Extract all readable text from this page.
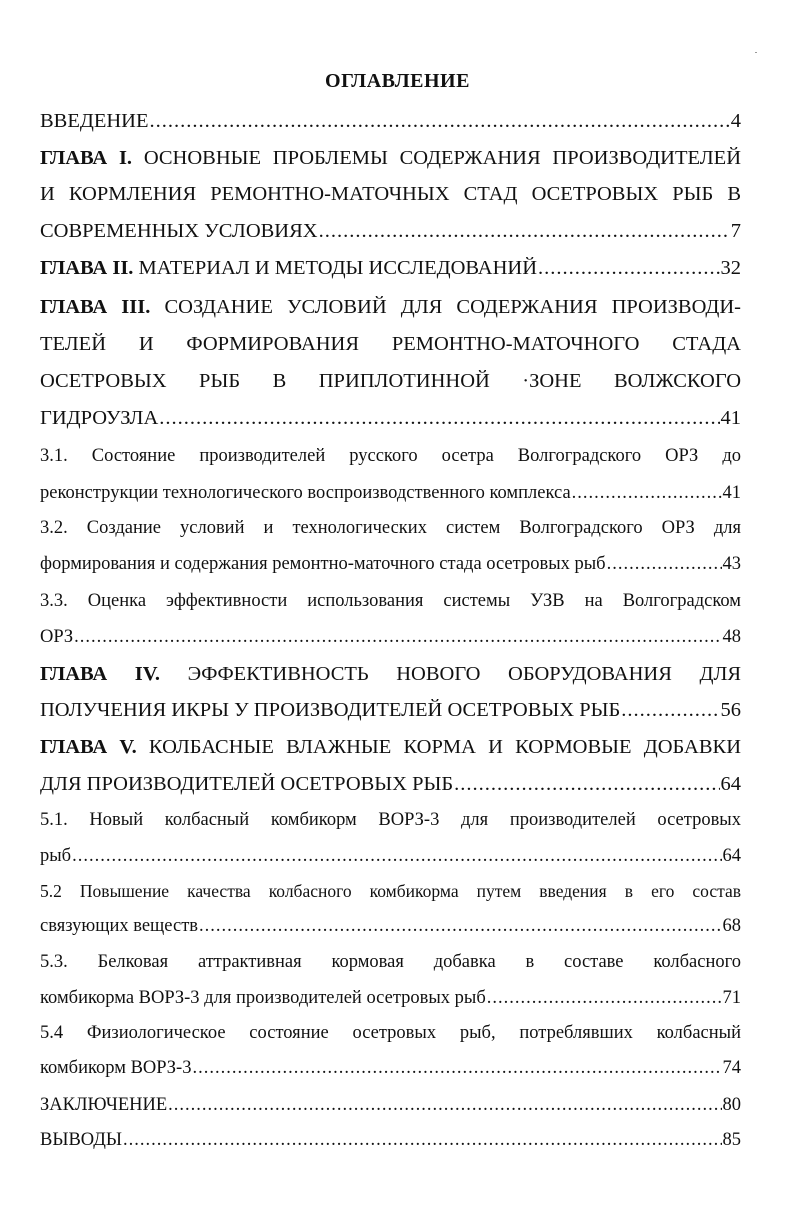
ОГЛАВЛЕНИЕ
ВВЕДЕНИЕ .....	4
ГЛАВА I. ОСНОВНЫЕ ПРОБЛЕМЫ СОДЕРЖАНИЯ ПРОИЗВОДИТЕЛЕЙ
И КОРМЛЕНИЯ РЕМОНТНО-МАТОЧНЫХ СТАД ОСЕТРОВЫХ РЫБ В
СОВРЕМЕННЫХ УСЛОВИЯХ .....	7
ГЛАВА II. МАТЕРИАЛ И МЕТОДЫ ИССЛЕДОВАНИЙ .....	32
ГЛАВА III. СОЗДАНИЕ УСЛОВИЙ ДЛЯ СОДЕРЖАНИЯ ПРОИЗВОДИ-
ТЕЛЕЙ И ФОРМИРОВАНИЯ РЕМОНТНО-МАТОЧНОГО СТАДА
ОСЕТРОВЫХ РЫБ В ПРИПЛОТИННОЙ ·ЗОНЕ ВОЛЖСКОГО
ГИДРОУЗЛА .....	41
3.1. Состояние производителей русского осетра Волгоградского ОРЗ до
реконструкции технологического воспроизводственного комплекса .....	41
3.2. Создание условий и технологических систем Волгоградского ОРЗ для
формирования и содержания ремонтно-маточного стада осетровых рыб .....	43
3.3. Оценка эффективности использования системы УЗВ на Волгоградском
ОРЗ .....	48
ГЛАВА IV. ЭФФЕКТИВНОСТЬ НОВОГО ОБОРУДОВАНИЯ ДЛЯ
ПОЛУЧЕНИЯ ИКРЫ У ПРОИЗВОДИТЕЛЕЙ ОСЕТРОВЫХ РЫБ .....	56
ГЛАВА V. КОЛБАСНЫЕ ВЛАЖНЫЕ КОРМА И КОРМОВЫЕ ДОБАВКИ
ДЛЯ ПРОИЗВОДИТЕЛЕЙ ОСЕТРОВЫХ РЫБ .....	64
5.1. Новый колбасный комбикорм ВОРЗ-3 для производителей осетровых
рыб .....	64
5.2 Повышение качества колбасного комбикорма путем введения в его состав
связующих веществ .....	68
5.3. Белковая аттрактивная кормовая добавка в составе колбасного
комбикорма ВОРЗ-3 для производителей осетровых рыб .....	71
5.4 Физиологическое состояние осетровых рыб, потреблявших колбасный
комбикорм ВОРЗ-3 .....	74
ЗАКЛЮЧЕНИЕ .....	80
ВЫВОДЫ .....	85
